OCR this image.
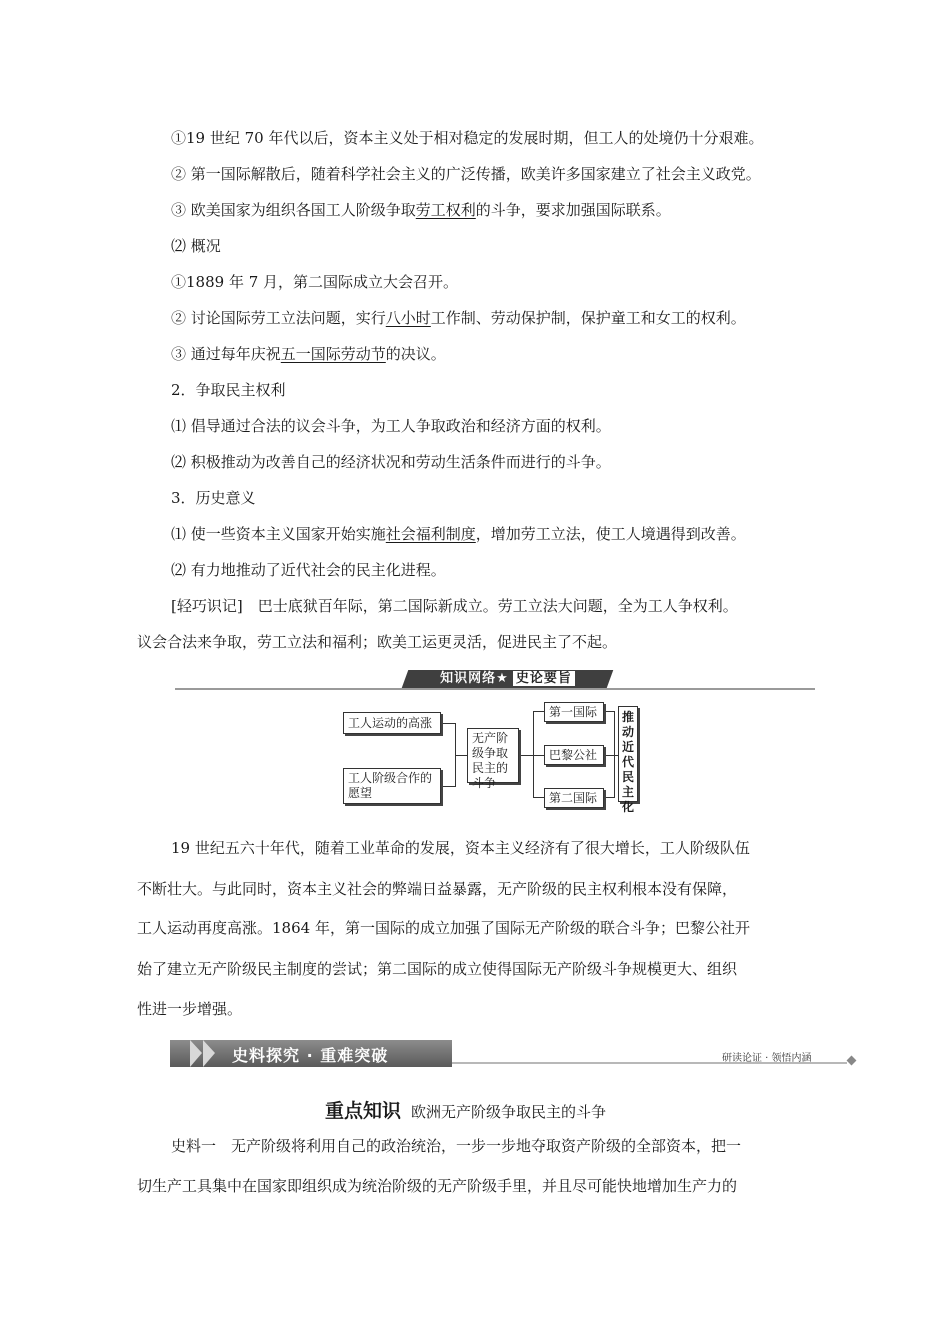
①19 世纪 70 年代以后，资本主义处于相对稳定的发展时期，但工人的处境仍十分艰难。
② 第一国际解散后，随着科学社会主义的广泛传播，欧美许多国家建立了社会主义政党。
③ 欧美国家为组织各国工人阶级争取劳工权利的斗争，要求加强国际联系。
⑵ 概况
①1889 年 7 月，第二国际成立大会召开。
② 讨论国际劳工立法问题，实行八小时工作制、劳动保护制，保护童工和女工的权利。
③ 通过每年庆祝五一国际劳动节的决议。
2．争取民主权利
⑴ 倡导通过合法的议会斗争，为工人争取政治和经济方面的权利。
⑵ 积极推动为改善自己的经济状况和劳动生活条件而进行的斗争。
3．历史意义
⑴ 使一些资本主义国家开始实施社会福利制度，增加劳工立法，使工人境遇得到改善。
⑵ 有力地推动了近代社会的民主化进程。
[轻巧识记]　巴士底狱百年际，第二国际新成立。劳工立法大问题，全为工人争权利。
议会合法来争取，劳工立法和福利；欧美工运更灵活，促进民主了不起。
知识网络★ 史论要旨
工人运动的高涨
工人阶级合作的愿望
无产阶级争取民主的斗争
第一国际
巴黎公社
第二国际
推动近代民主化
19 世纪五六十年代，随着工业革命的发展，资本主义经济有了很大增长，工人阶级队伍
不断壮大。与此同时，资本主义社会的弊端日益暴露，无产阶级的民主权利根本没有保障，
工人运动再度高涨。1864 年，第一国际的成立加强了国际无产阶级的联合斗争；巴黎公社开
始了建立无产阶级民主制度的尝试；第二国际的成立使得国际无产阶级斗争规模更大、组织
性进一步增强。
史料探究 · 重难突破	研读论证 · 领悟内涵
重点知识 欧洲无产阶级争取民主的斗争
史料一　无产阶级将利用自己的政治统治，一步一步地夺取资产阶级的全部资本，把一
切生产工具集中在国家即组织成为统治阶级的无产阶级手里，并且尽可能快地增加生产力的
